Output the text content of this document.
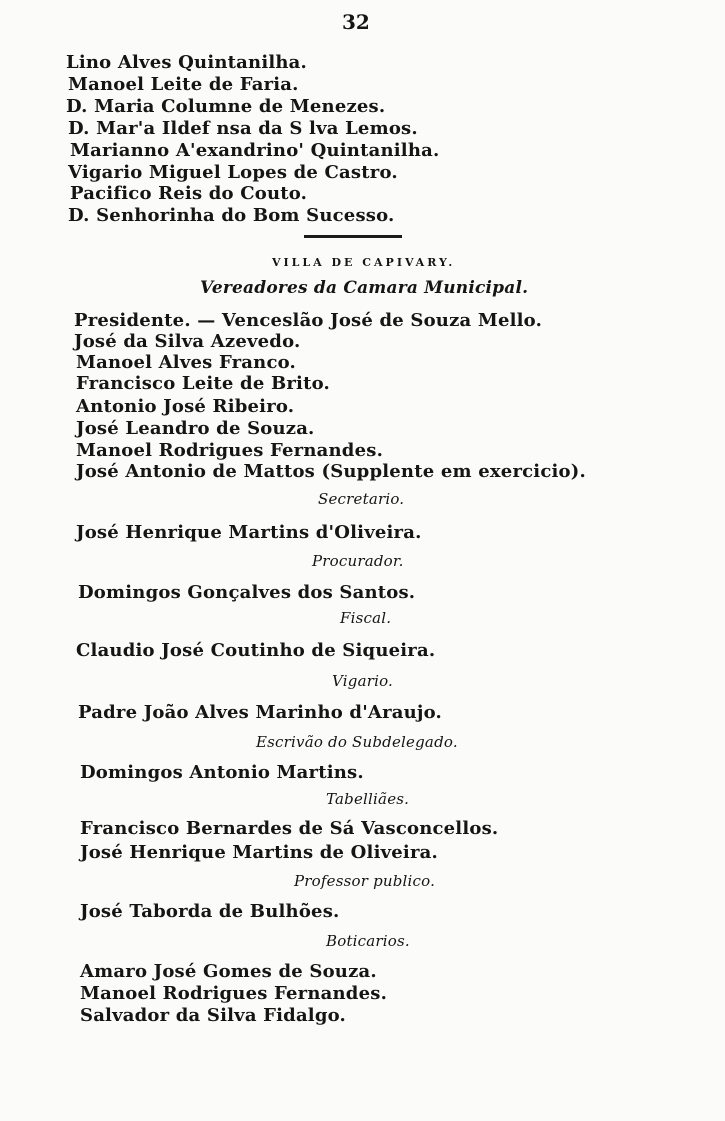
32
Lino Alves Quintanilha.
Manoel Leite de Faria.
D. Maria Columne de Menezes.
D. Mar'a Ildef nsa da S lva Lemos.
Marianno A'exandrino' Quintanilha.
Vigario Miguel Lopes de Castro.
Pacifico Reis do Couto.
D. Senhorinha do Bom Sucesso.
VILLA DE CAPIVARY.
Vereadores da Camara Municipal.
Presidente. — Venceslão José de Souza Mello.
José da Silva Azevedo.
Manoel Alves Franco.
Francisco Leite de Brito.
Antonio José Ribeiro.
José Leandro de Souza.
Manoel Rodrigues Fernandes.
José Antonio de Mattos (Supplente em exercicio).
Secretario.
José Henrique Martins d'Oliveira.
Procurador.
Domingos Gonçalves dos Santos.
Fiscal.
Claudio José Coutinho de Siqueira.
Vigario.
Padre João Alves Marinho d'Araujo.
Escrivão do Subdelegado.
Domingos Antonio Martins.
Tabelliães.
Francisco Bernardes de Sá Vasconcellos.
José Henrique Martins de Oliveira.
Professor publico.
José Taborda de Bulhões.
Boticarios.
Amaro José Gomes de Souza.
Manoel Rodrigues Fernandes.
Salvador da Silva Fidalgo.
